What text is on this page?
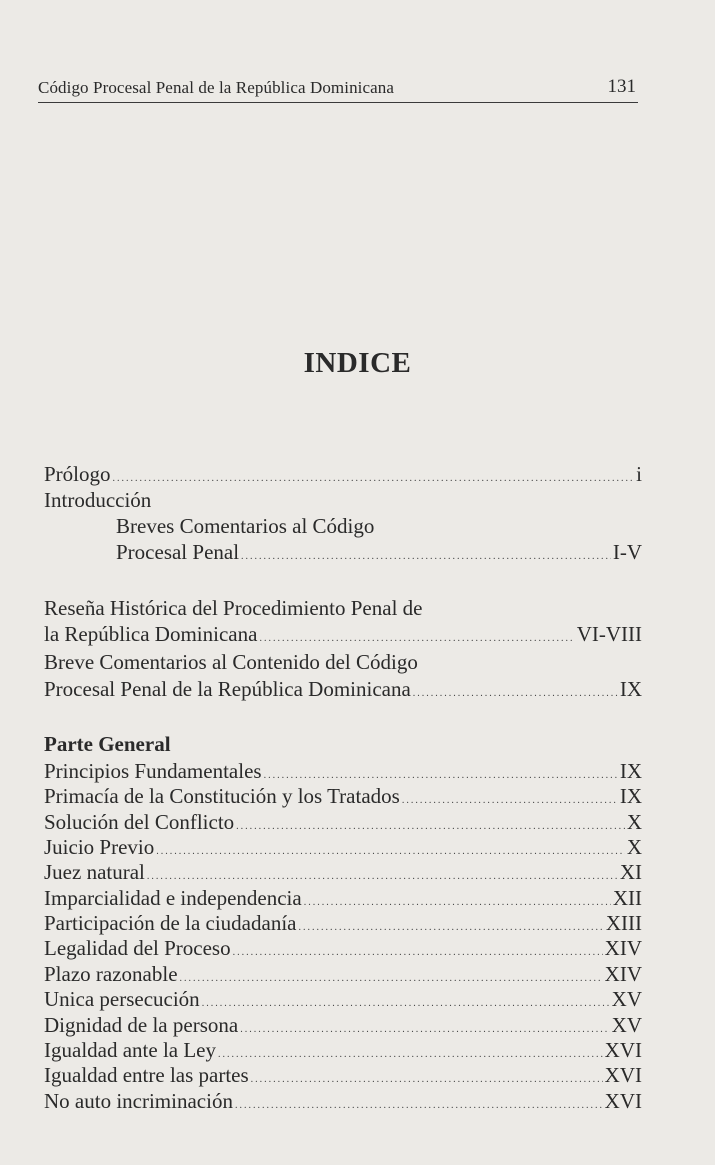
Código Procesal Penal de la República Dominicana	131
INDICE
Prólogo .....	i
Introducción
Breves Comentarios al Código
Procesal Penal .....	I-V
Reseña Histórica del Procedimiento Penal de
la República Dominicana .....	VI-VIII
Breve Comentarios al Contenido del Código
Procesal Penal de la República Dominicana .....	IX
Parte General
Principios Fundamentales .....	IX
Primacía de la Constitución y los Tratados .....	IX
Solución del Conflicto .....	X
Juicio Previo .....	X
Juez natural .....	XI
Imparcialidad e independencia .....	XII
Participación de la ciudadanía .....	XIII
Legalidad del Proceso .....	XIV
Plazo razonable .....	XIV
Unica persecución .....	XV
Dignidad de la persona .....	XV
Igualdad ante la Ley .....	XVI
Igualdad entre las partes .....	XVI
No auto incriminación .....	XVI
